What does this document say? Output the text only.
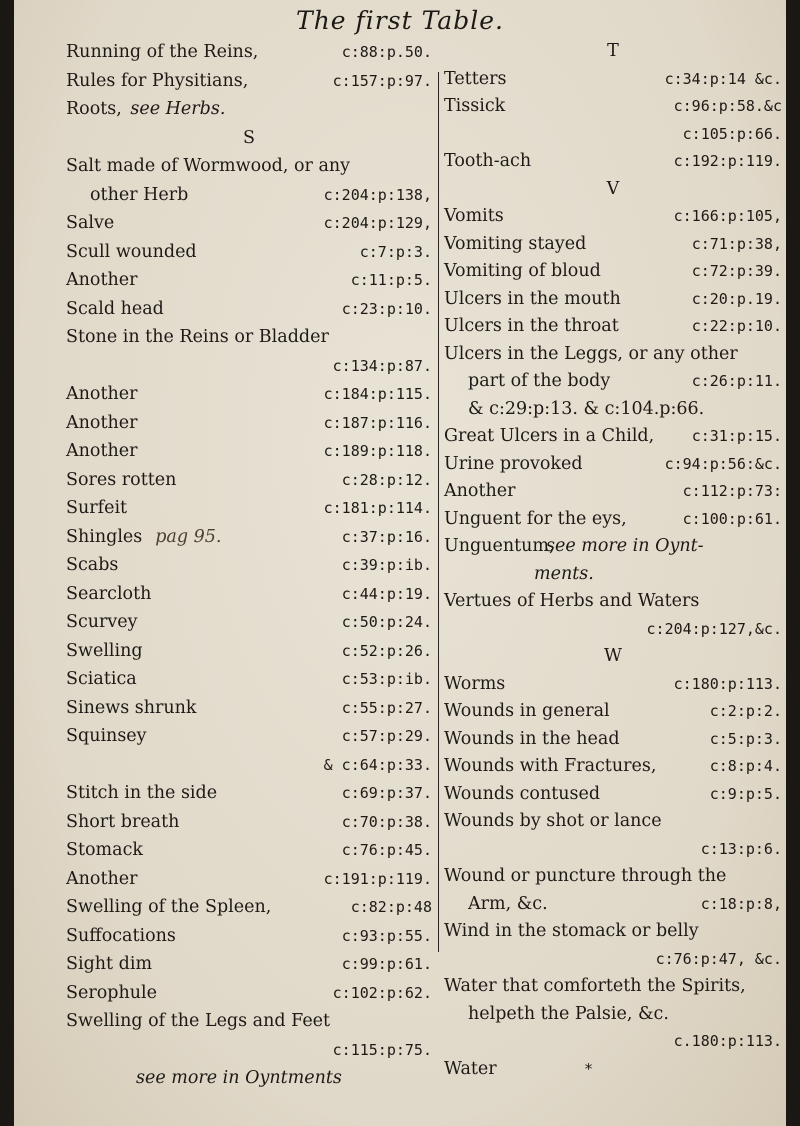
The first Table.
Running of the Reins,	c:88:p.50.
Rules for Physitians,	c:157:p:97.
Roots, see Herbs.
S
Salt made of Wormwood, or any
other Herb	c:204:p:138,
Salve	c:204:p:129,
Scull wounded	c:7:p:3.
Another	c:11:p:5.
Scald head	c:23:p:10.
Stone in the Reins or Bladder
c:134:p:87.
Another	c:184:p:115.
Another	c:187:p:116.
Another	c:189:p:118.
Sores rotten	c:28:p:12.
Surfeit	c:181:p:114.
Shingles pag 95.	c:37:p:16.
Scabs	c:39:p:ib.
Searcloth	c:44:p:19.
Scurvey	c:50:p:24.
Swelling	c:52:p:26.
Sciatica	c:53:p:ib.
Sinews shrunk	c:55:p:27.
Squinsey	c:57:p:29.
& c:64:p:33.
Stitch in the side	c:69:p:37.
Short breath	c:70:p:38.
Stomack	c:76:p:45.
Another	c:191:p:119.
Swelling of the Spleen,	c:82:p:48
Suffocations	c:93:p:55.
Sight dim	c:99:p:61.
Serophule	c:102:p:62.
Swelling of the Legs and Feet
c:115:p:75.
see more in Oyntments
T
Tetters	c:34:p:14 &c.
Tissick	c:96:p:58.&c
c:105:p:66.
Tooth-ach	c:192:p:119.
V
Vomits	c:166:p:105,
Vomiting stayed	c:71:p:38,
Vomiting of bloud	c:72:p:39.
Ulcers in the mouth	c:20:p.19.
Ulcers in the throat	c:22:p:10.
Ulcers in the Leggs, or any other
part of the body	c:26:p:11.
& c:29:p:13. & c:104.p:66.
Great Ulcers in a Child, c:31:p:15.
Urine provoked	c:94:p:56:&c.
Another	c:112:p:73:
Unguent for the eys,	c:100:p:61.
Unguentum,
see more in Oynt-
ments.
Vertues of Herbs and Waters
c:204:p:127,&c.
W
Worms	c:180:p:113.
Wounds in general	c:2:p:2.
Wounds in the head	c:5:p:3.
Wounds with Fractures,	c:8:p:4.
Wounds contused	c:9:p:5.
Wounds by shot or lance
c:13:p:6.
Wound or puncture through the
Arm, &c.	c:18:p:8,
Wind in the stomack or belly
c:76:p:47, &c.
Water that comforteth the Spirits,
helpeth the Palsie, &c.
c.180:p:113.
Water	*
